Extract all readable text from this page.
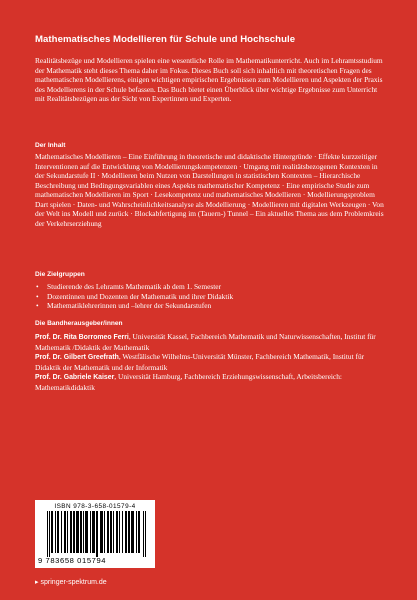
Mathematisches Modellieren für Schule und Hochschule
Realitätsbezüge und Modellieren spielen eine wesentliche Rolle im Mathematikunterricht. Auch im Lehramtsstudium der Mathematik steht dieses Thema daher im Fokus. Dieses Buch soll sich inhaltlich mit theoretischen Fragen des mathematischen Modellierens, einigen wichtigen empirischen Ergebnissen zum Modellieren und Aspekten der Praxis des Modellierens in der Schule befassen. Das Buch bietet einen Überblick über wichtige Ergebnisse zum Unterricht mit Realitätsbezügen aus der Sicht von Expertinnen und Experten.
Der Inhalt
Mathematisches Modellieren – Eine Einführung in theoretische und didaktische Hintergründe · Effekte kurzzeitiger Interventionen auf die Entwicklung von Modellierungskompetenzen · Umgang mit realitätsbezogenen Kontexten in der Sekundarstufe II · Modellieren beim Nutzen von Darstellungen in statistischen Kontexten – Hierarchische Beschreibung und Bedingungsvariablen eines Aspekts mathematischer Kompetenz · Eine empirische Studie zum mathematischen Modellieren im Sport · Lesekompetenz und mathematisches Modellieren · Modellierungsproblem Dart spielen · Daten- und Wahrscheinlichkeitsanalyse als Modellierung · Modellieren mit digitalen Werkzeugen · Von der Welt ins Modell und zurück · Blockabfertigung im (Tauern-) Tunnel – Ein aktuelles Thema aus dem Problemkreis der Verkehrserziehung
Die Zielgruppen
• Studierende des Lehramts Mathematik ab dem 1. Semester
• Dozentinnen und Dozenten der Mathematik und ihrer Didaktik
• Mathematiklehrerinnen und –lehrer der Sekundarstufen
Die Bandherausgeber/innen
Prof. Dr. Rita Borromeo Ferri, Universität Kassel, Fachbereich Mathematik und Naturwissenschaften, Institut für Mathematik /Didaktik der Mathematik
Prof. Dr. Gilbert Greefrath, Westfälische Wilhelms-Universität Münster, Fachbereich Mathematik, Institut für Didaktik der Mathematik und der Informatik
Prof. Dr. Gabriele Kaiser, Universität Hamburg, Fachbereich Erziehungswissenschaft, Arbeitsbereich: Mathematikdidaktik
ISBN 978-3-658-01579-4
9 783658 015794
▸ springer-spektrum.de
